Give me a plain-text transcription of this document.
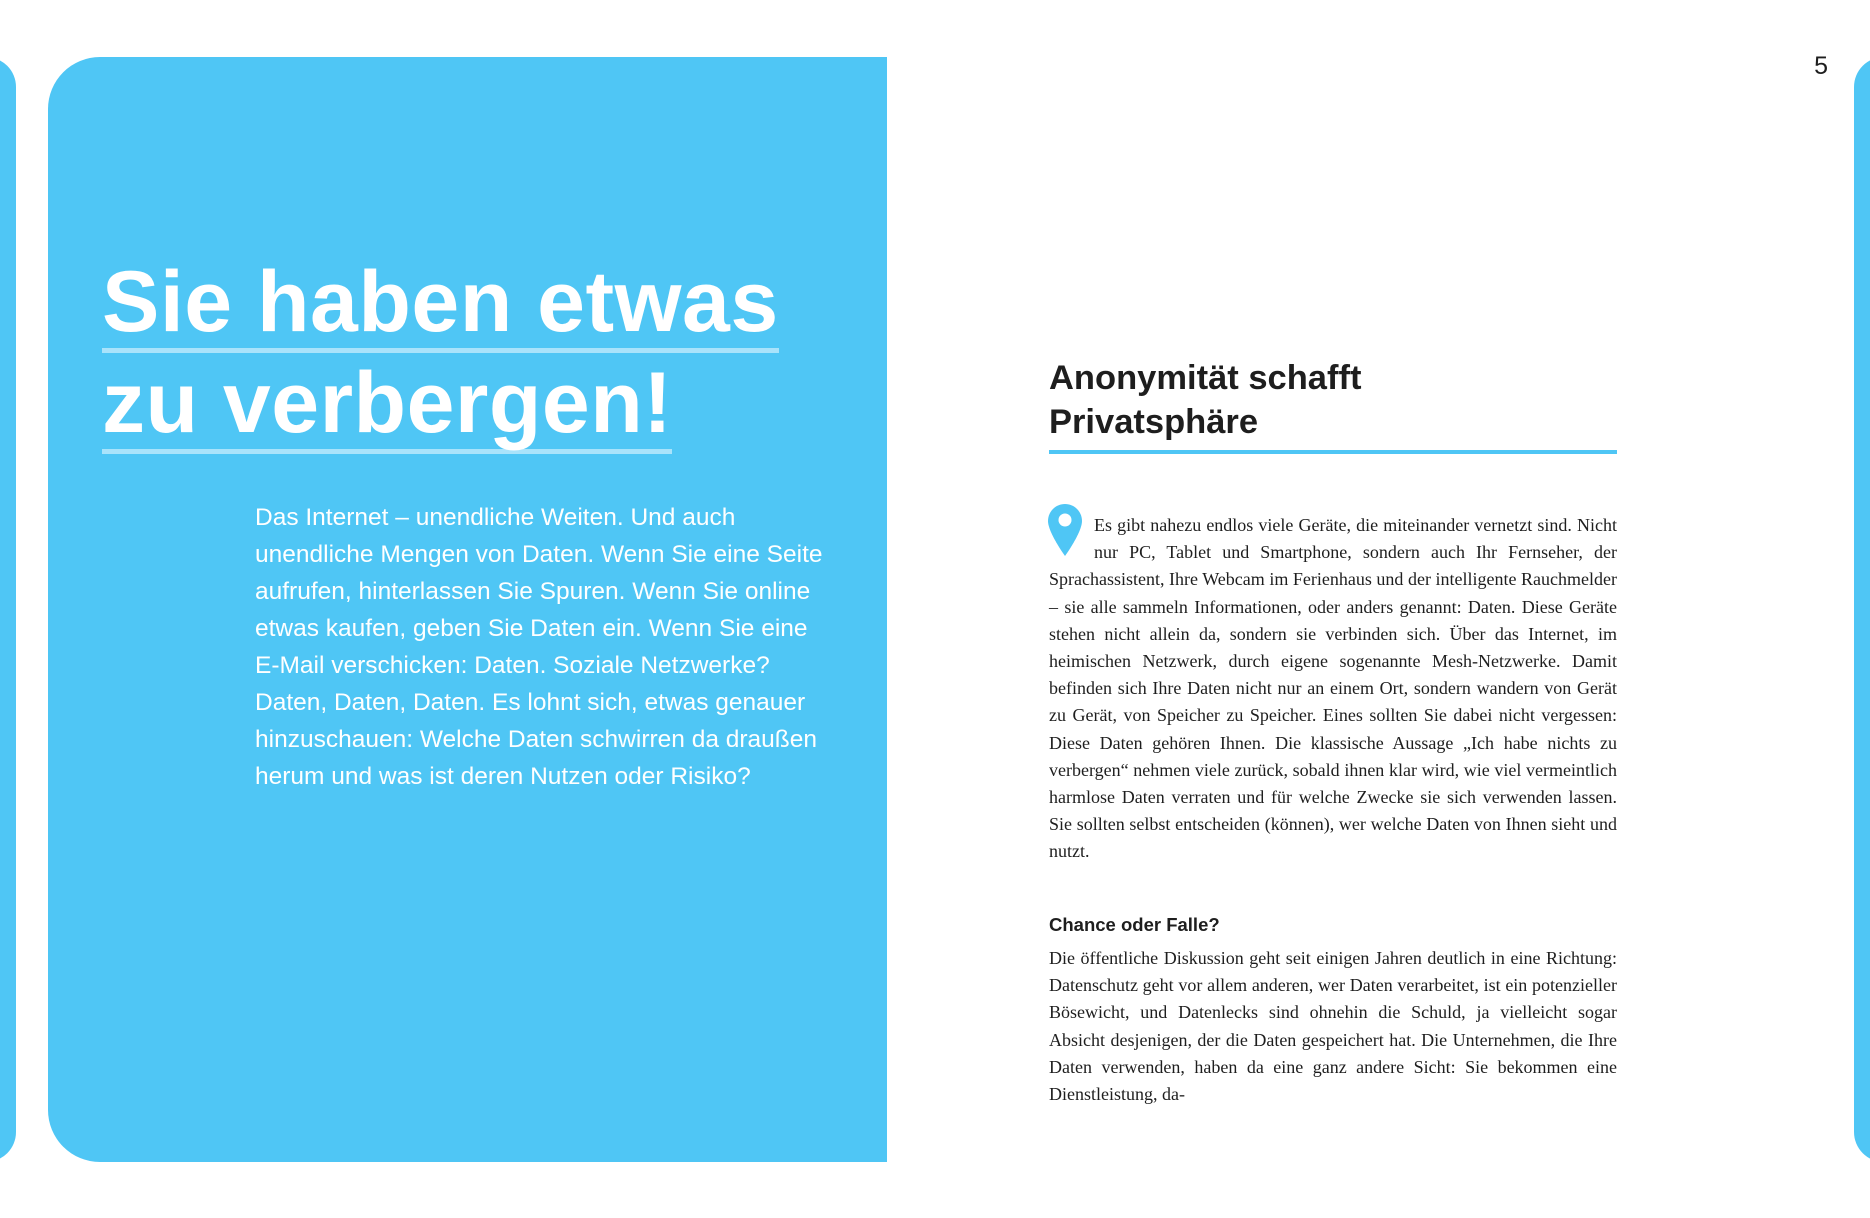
5
Sie haben etwas
zu verbergen!

Das Internet – unendliche Weiten. Und auch unendliche Mengen von Daten. Wenn Sie eine Seite aufrufen, hinterlassen Sie Spuren. Wenn Sie online etwas kaufen, geben Sie Daten ein. Wenn Sie eine E-Mail verschicken: Daten. Soziale Netzwerke? Daten, Daten, Daten. Es lohnt sich, etwas genauer hinzuschauen: Welche Daten schwirren da draußen herum und was ist deren Nutzen oder Risiko?

Anonymität schafft
Privatsphäre

Es gibt nahezu endlos viele Geräte, die miteinander vernetzt sind. Nicht nur PC, Tablet und Smartphone, sondern auch Ihr Fernseher, der Sprachassistent, Ihre Webcam im Ferienhaus und der intelligente Rauchmelder – sie alle sammeln Informationen, oder anders genannt: Daten. Diese Geräte stehen nicht allein da, sondern sie verbinden sich. Über das Internet, im heimischen Netzwerk, durch eigene sogenannte Mesh-Netzwerke. Damit befinden sich Ihre Daten nicht nur an einem Ort, sondern wandern von Gerät zu Gerät, von Speicher zu Speicher. Eines sollten Sie dabei nicht vergessen: Diese Daten gehören Ihnen. Die klassische Aussage „Ich habe nichts zu verbergen“ nehmen viele zurück, sobald ihnen klar wird, wie viel vermeintlich harmlose Daten verraten und für welche Zwecke sie sich verwenden lassen. Sie sollten selbst entscheiden (können), wer welche Daten von Ihnen sieht und nutzt.

Chance oder Falle?

Die öffentliche Diskussion geht seit einigen Jahren deutlich in eine Richtung: Datenschutz geht vor allem anderen, wer Daten verarbeitet, ist ein potenzieller Bösewicht, und Datenlecks sind ohnehin die Schuld, ja vielleicht sogar Absicht desjenigen, der die Daten gespeichert hat. Die Unternehmen, die Ihre Daten verwenden, haben da eine ganz andere Sicht: Sie bekommen eine Dienstleistung, da-
